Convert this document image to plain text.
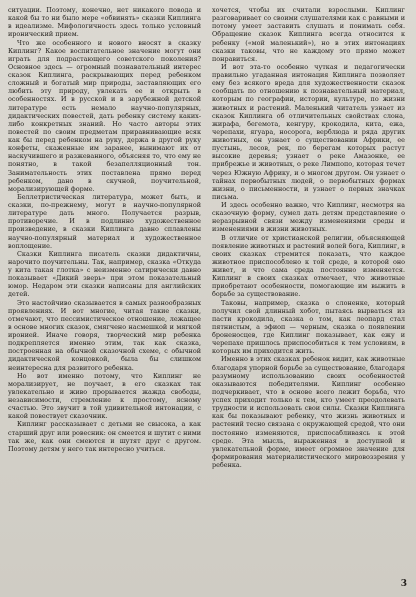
ситуации. Поэтому, конечно, нет никакого повода и какой бы то ни было мере «обвинять» сказки Киплинга в идеализме. Мифологичность здесь только условный иронический прием.

Что же особенного и нового вносят в сказку Киплинг? Какое воспитательное значение могут они играть для подрастающего советского поколения? Основное здесь — огромный познавательный интерес сказок Киплинга, раскрывающих перед ребенком сложный и богатый мир природы, заставляющих его любить эту природу, увлекать ее и открыть в особенностях. И в русской и в зарубежной детской литературе есть немало научно-популярных, дидактических повестей, дать ребенку систему каких-либо конкретных знаний. Но часто авторы этих повестей по своим предметам приравнивающие всяк как бы перед ребенком на руку, держа в другой руку конфеты, скаженные им заранее, вынимают их от наскучившего и разжеванного, объясняя то, что ему не понятно, в такой безапелляционный тон. Занимательность этих поставлена прямо перед ребенком, дано в скучной, поучительной, морализирующей форме.

Беллетристическая литература, может быть, и сказки, по-прежнему, могут в научно-популярной литературе дать много. Получается разрыв, противоречие. И в подлинно художественное произведение, в сказки Киплинга давно сплавлены научно-популярный материал и художественное воплощение.

Сказки Киплинга писатель сказки дидактичны, нарочито поучительны. Так, например, сказка «Откуда у кита такая глотка» с неизменно сатирически давно показывает «Дикий зверь» при этом показательный юмор. Недаром эти сказки написаны для английских детей.

Это настойчиво сказывается в самых разнообразных проявлениях. И вот многие, читая такие сказки, отмечают, что пессимистическое отношение, лежащее в основе многих сказок, смягчено насмешкой и мягкой иронией. Иначе говоря, творческий мир ребенка подкрепляется именно этим, так как сказка, построенная на обычной сказочной схеме, с обычной дидактической концовкой, была бы слишком неинтересна для развитого ребенка.

Но вот именно потому, что Киплинг не морализирует, не поучает, в его сказках так увлекательно и живо прорывается жажда свободы, независимости, стремление к простому, ясному счастью. Это звучит в той удивительной интонации, с какой повествует сказочник.

Киплинг рассказывает с детьми не свысока, а как старший друг или ровесник: он смеется и шутит с ними так же, как они смеются и шутят друг с другом. Поэтому детям у него так интересно учиться.

хочется, чтобы их считали взрослыми. Киплинг разговаривает со своими слушателями как с равными и потому умеет заставить слушать и понимать себя. Обращение сказок Киплинга всегда относится к ребенку («мой маленький»), но в этих интонациях сказки таковы, что не каждому это прямо может понравиться.

И вот эта-то особенно чуткая и педагогически правильно угаданная интонация Киплинга позволяет ему без всякого вреда для художественности сказок сообщать по отношению к познавательный материал, которым по географии, истории, культуре, по жизни животных и растений. Маленький читатель узнает из сказок Киплинга об отличительных свойствах слона, жирафа, бегемота, кенгуру, крокодила, кита, ежа, черепахи, ягуара, носорога, верблюда и ряда других животных, он узнает о существовании Африки, ее пустынь, лесов, рек, по берегам которых растут высокие деревья; узнает о реке Амазонке, ее прибрежье и животных, о реке Лимпопо, которая течет через Южную Африку, и о многом другом. Он узнает о тайнах первобытных людей, о первобытных формах жизни, о письменности, и узнает о первых значках письма.

И здесь особенно важно, что Киплинг, несмотря на сказочную форму, сумел дать детям представление о неразрывной связи между изменениями среды и изменениями в жизни животных.

В отличие от христианской религии, объясняющей появление животных и растений волей бога, Киплинг, в своих сказках стремится показать, что каждое животное приспособлено к той среде, в которой оно живет, и что сама среда постоянно изменяется. Киплинг в своих сказках отмечает, что животные приобретают особенности, помогающие им выжить в борьбе за существование.

Таковы, например, сказка о слоненке, который получил свой длинный хобот, пытаясь вырваться из пасти крокодила, сказка о том, как леопард стал пятнистым, а эфиоп — черным, сказка о появлении броненосцев, где Киплинг показывает, как ежу и черепахе пришлось приспособиться к тем условиям, в которых им приходится жить.

Именно в этих сказках ребенок видит, как животные благодаря упорной борьбе за существование, благодаря разумному использованию своих особенностей оказываются победителями. Киплинг особенно подчеркивает, что в основе всего лежит борьба, что успех приходит только к тем, кто умеет преодолевать трудности и использовать свои силы. Сказки Киплинга как бы показывают ребенку, что жизнь животных и растений тесно связана с окружающей средой, что они постоянно изменяются, приспосабливаясь к этой среде. Эта мысль, выраженная в доступной и увлекательной форме, имеет огромное значение для формирования материалистического мировоззрения у ребенка.

3
